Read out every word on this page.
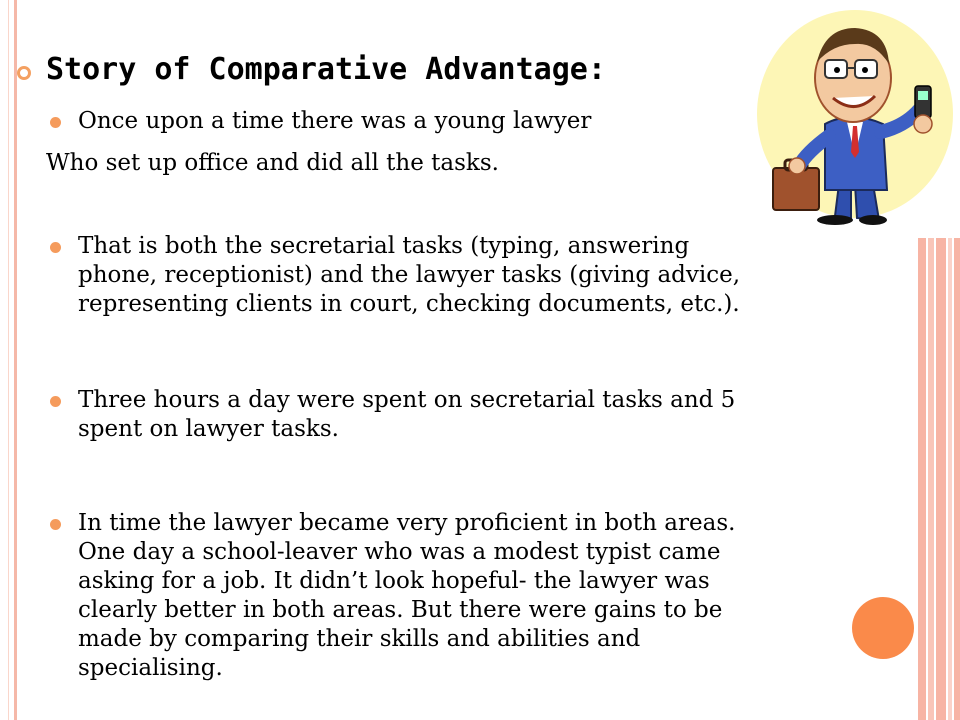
Story of Comparative Advantage:
Once upon a time there was a young lawyer
Who set up office and did all the tasks.
That is both the secretarial tasks (typing, answering
phone, receptionist) and the lawyer tasks (giving advice,
representing clients in court, checking documents, etc.).
Three hours a day were spent on secretarial tasks and 5
spent on lawyer tasks.
In time the lawyer became very proficient in both areas.
One day a school-leaver who was a modest typist came
asking for a job. It didn’t look hopeful- the lawyer was
clearly better in both areas. But there were gains to be
made by comparing their skills and abilities and
specialising.
